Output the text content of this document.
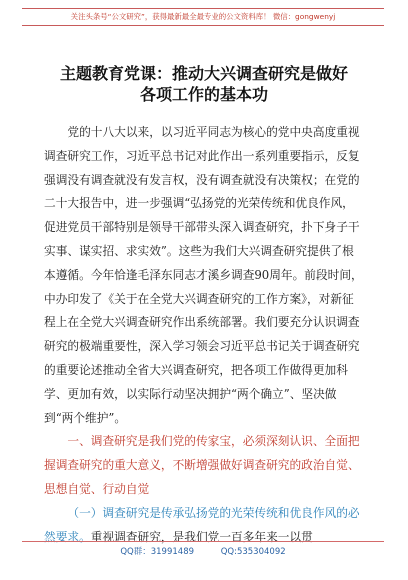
关注头条号“公文研究”，获得最新最全最专业的公文资料库！ 微信：gongwenyj
主题教育党课：推动大兴调查研究是做好
各项工作的基本功

党的十八大以来，以习近平同志为核心的党中央高度重视调查研究工作，习近平总书记对此作出一系列重要指示，反复强调没有调查就没有发言权，没有调查就没有决策权；在党的二十大报告中，进一步强调“弘扬党的光荣传统和优良作风，促进党员干部特别是领导干部带头深入调查研究，扑下身子干实事、谋实招、求实效”。这些为我们大兴调查研究提供了根本遵循。今年恰逢毛泽东同志才溪乡调查90周年。前段时间，中办印发了《关于在全党大兴调查研究的工作方案》，对新征程上在全党大兴调查研究作出系统部署。我们要充分认识调查研究的极端重要性，深入学习领会习近平总书记关于调查研究的重要论述推动全省大兴调查研究，把各项工作做得更加科学、更加有效，以实际行动坚决拥护“两个确立”、坚决做到“两个维护”。

一、调查研究是我们党的传家宝，必须深刻认识、全面把握调查研究的重大意义，不断增强做好调查研究的政治自觉、思想自觉、行动自觉

（一）调查研究是传承弘扬党的光荣传统和优良作风的必然要求。重视调查研究，是我们党一百多年来一以贯

QQ群：31991489	QQ:535304092
